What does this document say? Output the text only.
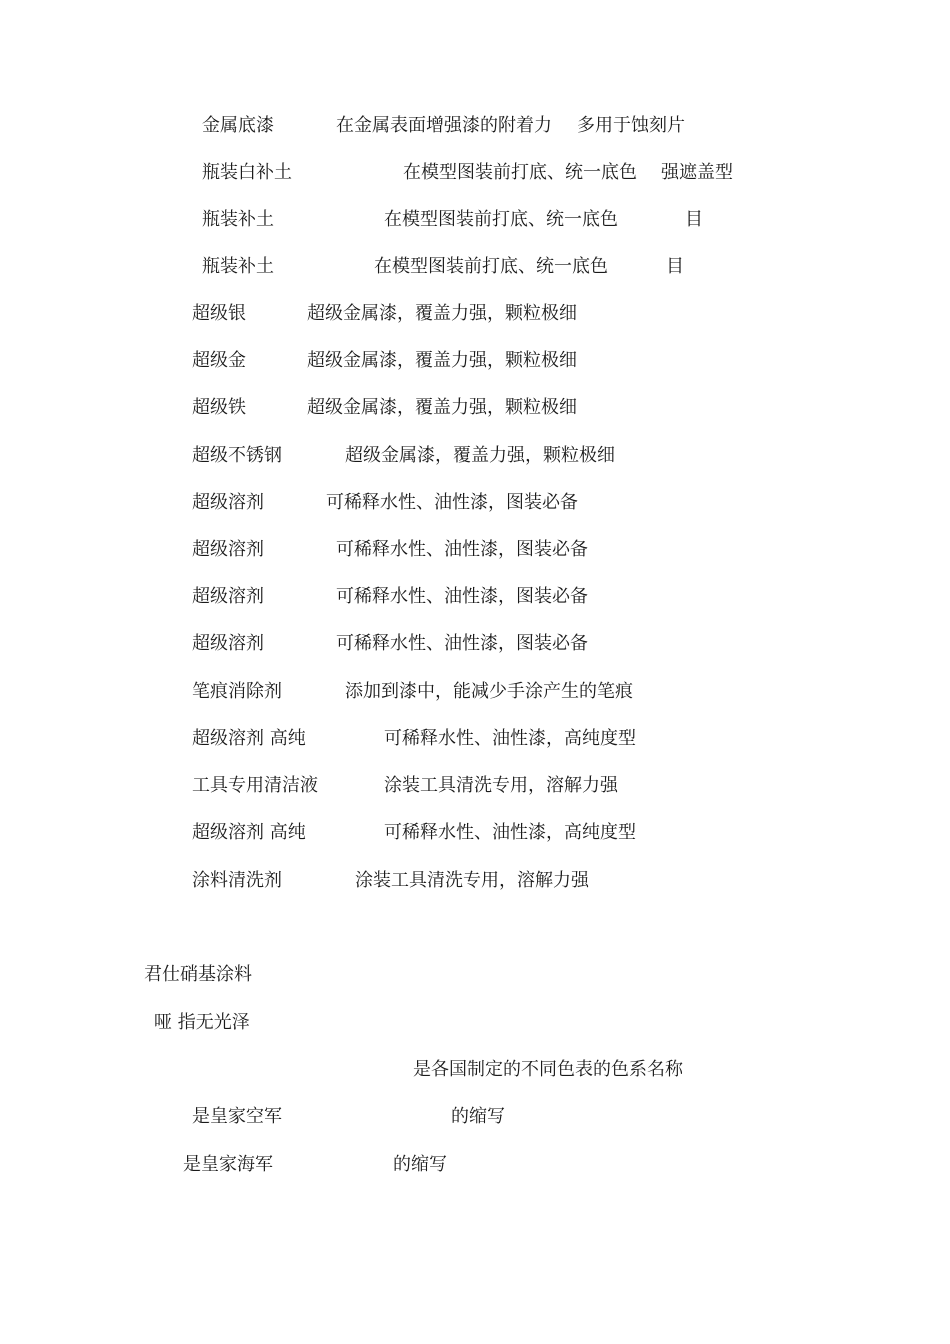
金属底漆	在金属表面增强漆的附着力 多用于蚀刻片
瓶装白补土	在模型图装前打底、统一底色 强遮盖型
瓶装补土	在模型图装前打底、统一底色	目
瓶装补土	在模型图装前打底、统一底色	目
超级银	超级金属漆，覆盖力强，颗粒极细
超级金	超级金属漆，覆盖力强，颗粒极细
超级铁	超级金属漆，覆盖力强，颗粒极细
超级不锈钢	超级金属漆，覆盖力强，颗粒极细
超级溶剂	可稀释水性、油性漆，图装必备
超级溶剂	可稀释水性、油性漆，图装必备
超级溶剂	可稀释水性、油性漆，图装必备
超级溶剂	可稀释水性、油性漆，图装必备
笔痕消除剂	添加到漆中，能减少手涂产生的笔痕
超级溶剂 高纯	可稀释水性、油性漆，高纯度型
工具专用清洁液	涂装工具清洗专用，溶解力强
超级溶剂 高纯	可稀释水性、油性漆，高纯度型
涂料清洗剂	涂装工具清洗专用，溶解力强
君仕硝基涂料
哑 指无光泽
是各国制定的不同色表的色系名称
是皇家空军	的缩写
是皇家海军	的缩写
